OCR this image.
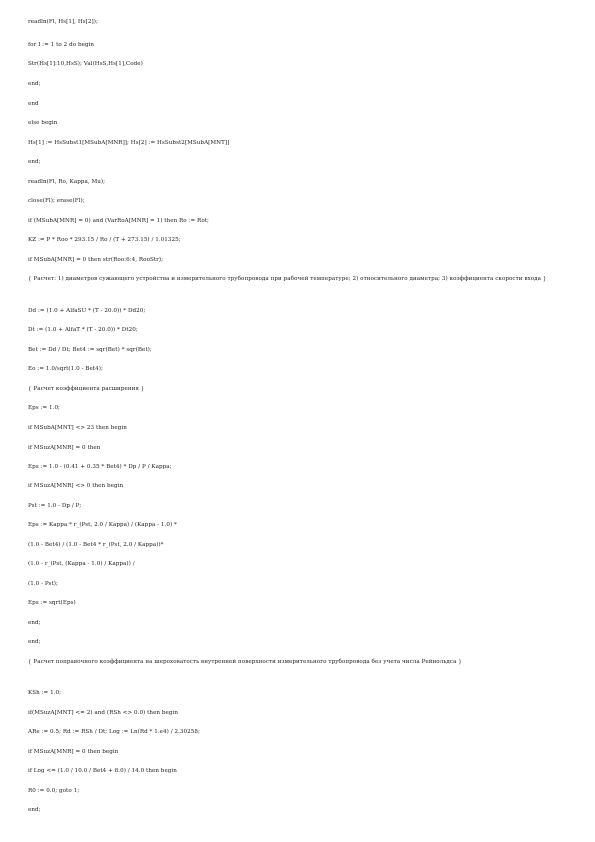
readln(Fl, Hs[1], Hs[2]);
for I := 1 to 2 do begin
Str(Hs[1]:10,HsS); Val(HsS,Hs[1],Code)
end;
end
else begin
Hs[1] := HsSubst1[MSubA[MNR]]; Hs[2] := HsSubst2[MSubA[MNT]]
end;
readln(Fl, Ro, Kappa, Mu);
close(Fl); erase(Fl);
if (MSubA[MNR] = 0) and (VarRoA[MNR] = 1) then Ro := Rot;
KZ := P * Roo * 293.15 / Ro / (T + 273.15) / 1.01325;
if MSubA[MNR] = 0 then str(Roo:6:4, RooStr);
{ Расчет: 1) диаметров сужающего устройства и измерительного трубопровода при рабочей температуре; 2) относительного диаметра; 3) коэффициента скорости входа }
Dd := (1.0 + AlfaSU * (T - 20.0)) * Dd20;
Dt := (1.0 + AlfaT * (T - 20.0)) * Dt20;
Bet := Dd / Dt; Bet4 := sqr(Bet) * sqr(Bet);
Eo := 1.0/sqrt(1.0 - Bet4);
{ Расчет коэффициента расширения }
Eps := 1.0;
if MSubA[MNT] <> 23 then begin
if MSuzA[MNR] = 0 then
Eps := 1.0 - (0.41 + 0.35 * Bet4) * Dp / P / Kappa;
if MSuzA[MNR] <> 0 then begin
Pst := 1.0 - Dp / P;
Eps := Kappa * r_(Pst, 2.0 / Kappa) / (Kappa - 1.0) *
(1.0 - Bet4) / (1.0 - Bet4 * r_(Pst, 2.0 / Kappa))*
(1.0 - r_(Pst, (Kappa - 1.0) / Kappa)) /
(1.0 - Pst);
Eps := sqrt(Eps)
end;
end;
{ Расчет поправочного коэффициента на шероховатость внутренней поверхности измерительного трубопровода без учета числа Рейнольдса }
KSh := 1.0;
if(MSuzA[MNT] <= 2) and (RSh <> 0.0) then begin
ARe := 0.5; Rd := RSh / Dt; Log := Ln(Rd * 1.e4) / 2.30258;
if MSuzA[MNR] = 0 then begin
if Log <= (1.0 / 10.0 / Bet4 + 8.0) / 14.0 then begin
R0 := 0.0; goto 1;
end;
